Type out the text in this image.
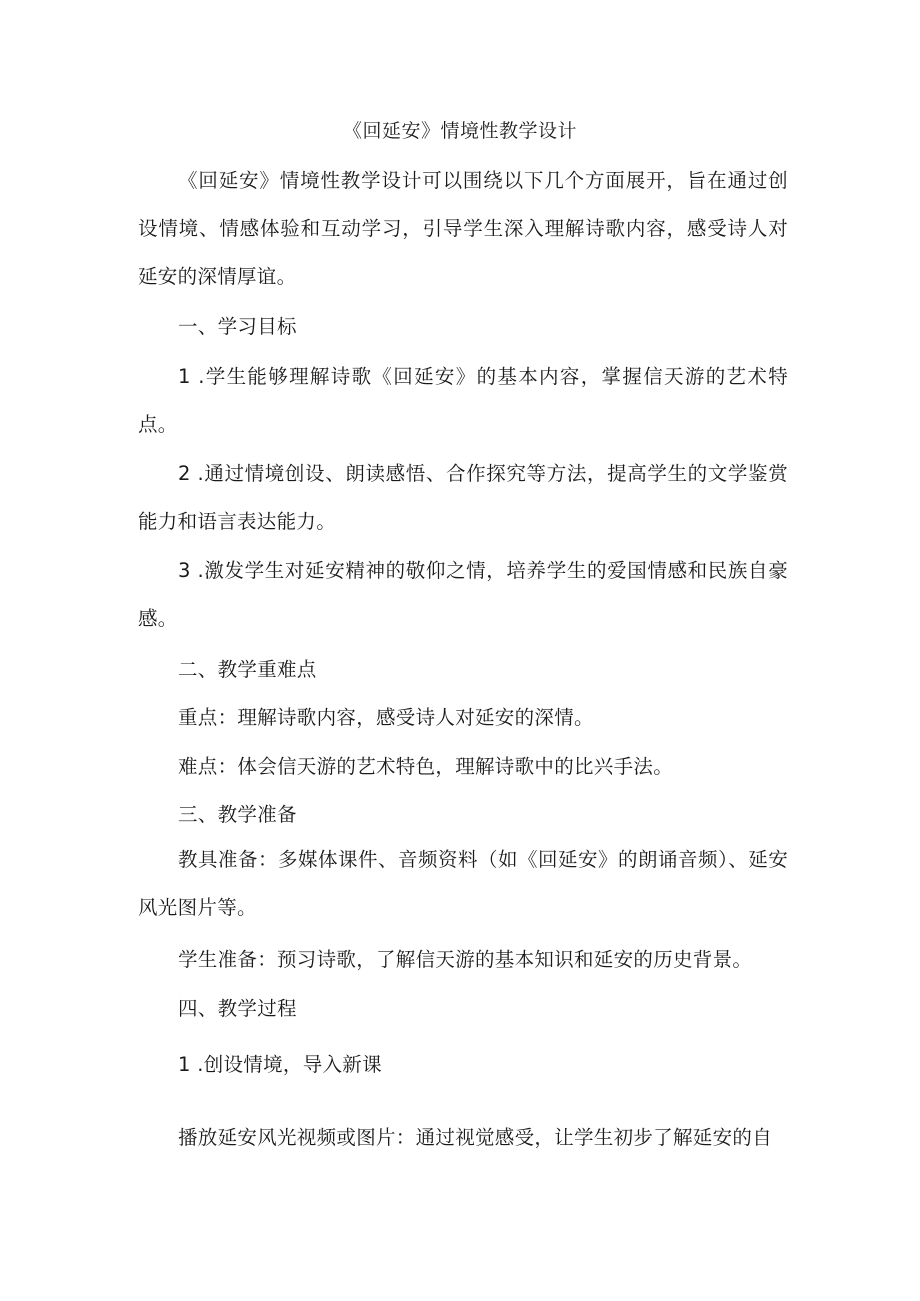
《回延安》情境性教学设计

《回延安》情境性教学设计可以围绕以下几个方面展开，旨在通过创设情境、情感体验和互动学习，引导学生深入理解诗歌内容，感受诗人对延安的深情厚谊。

一、学习目标

1 .学生能够理解诗歌《回延安》的基本内容，掌握信天游的艺术特点。

2 .通过情境创设、朗读感悟、合作探究等方法，提高学生的文学鉴赏能力和语言表达能力。

3 .激发学生对延安精神的敬仰之情，培养学生的爱国情感和民族自豪感。

二、教学重难点

重点：理解诗歌内容，感受诗人对延安的深情。

难点：体会信天游的艺术特色，理解诗歌中的比兴手法。

三、教学准备

教具准备：多媒体课件、音频资料（如《回延安》的朗诵音频）、延安风光图片等。

学生准备：预习诗歌，了解信天游的基本知识和延安的历史背景。

四、教学过程

1 .创设情境，导入新课

播放延安风光视频或图片：通过视觉感受，让学生初步了解延安的自
